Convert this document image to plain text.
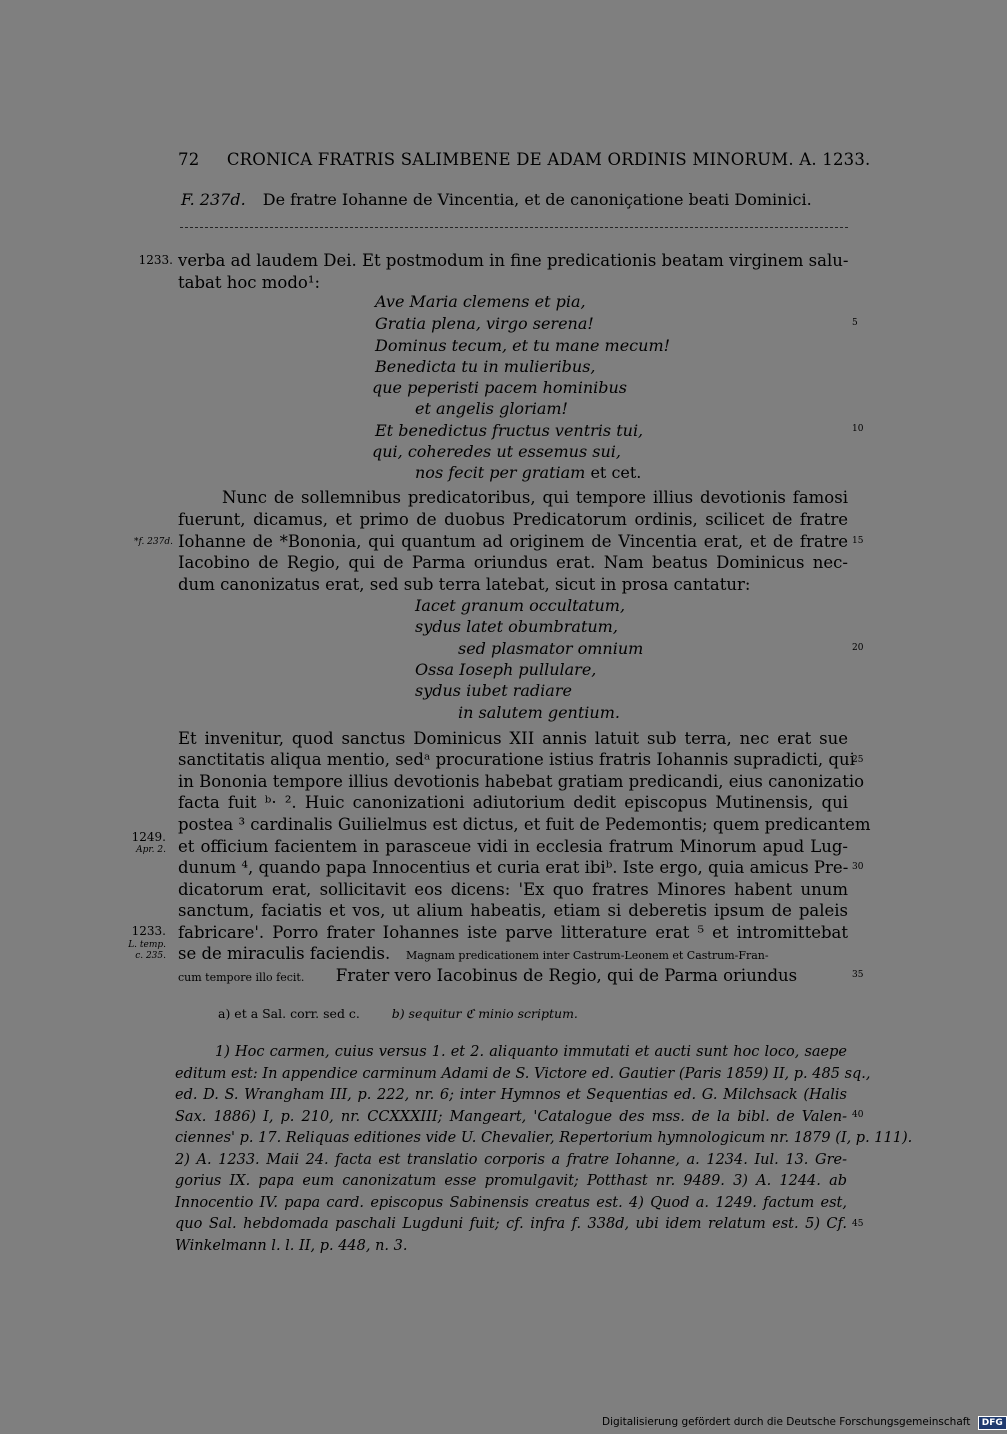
72 CRONICA FRATRIS SALIMBENE DE ADAM ORDINIS MINORUM. A. 1233.
F. 237d. De fratre Iohanne de Vincentia, et de canoniçatione beati Dominici.
verba ad laudem Dei. Et postmodum in fine predicationis beatam virginem salu-
tabat hoc modo¹:
Ave Maria clemens et pia,
Gratia plena, virgo serena!
Dominus tecum, et tu mane mecum!
Benedicta tu in mulieribus,
que peperisti pacem hominibus
et angelis gloriam!
Et benedictus fructus ventris tui,
qui, coheredes ut essemus sui,
nos fecit per gratiam et cet.
Nunc de sollemnibus predicatoribus, qui tempore illius devotionis famosi
fuerunt, dicamus, et primo de duobus Predicatorum ordinis, scilicet de fratre
Iohanne de *Bononia, qui quantum ad originem de Vincentia erat, et de fratre
Iacobino de Regio, qui de Parma oriundus erat. Nam beatus Dominicus nec-
dum canonizatus erat, sed sub terra latebat, sicut in prosa cantatur:
Iacet granum occultatum,
sydus latet obumbratum,
sed plasmator omnium
Ossa Ioseph pullulare,
sydus iubet radiare
in salutem gentium.
Et invenitur, quod sanctus Dominicus XII annis latuit sub terra, nec erat sue
sanctitatis aliqua mentio, sedᵃ procuratione istius fratris Iohannis supradicti, qui
in Bononia tempore illius devotionis habebat gratiam predicandi, eius canonizatio
facta fuit ᵇ· ². Huic canonizationi adiutorium dedit episcopus Mutinensis, qui
postea ³ cardinalis Guilielmus est dictus, et fuit de Pedemontis; quem predicantem
et officium facientem in parasceue vidi in ecclesia fratrum Minorum apud Lug-
dunum ⁴, quando papa Innocentius et curia erat ibiᵇ. Iste ergo, quia amicus Pre-
dicatorum erat, sollicitavit eos dicens: 'Ex quo fratres Minores habent unum
sanctum, faciatis et vos, ut alium habeatis, etiam si deberetis ipsum de paleis
fabricare'. Porro frater Iohannes iste parve litterature erat ⁵ et intromittebat
se de miraculis faciendis. Magnam predicationem inter Castrum-Leonem et Castrum-Fran-
cum tempore illo fecit. Frater vero Iacobinus de Regio, qui de Parma oriundus
1233.
*f. 237d.
1249.
Apr. 2.
1233.
L. temp.
c. 235.
5
10
15
20
25
30
35
40
45
a) et a Sal. corr. sed c.	b) sequitur ℭ minio scriptum.
1) Hoc carmen, cuius versus 1. et 2. aliquanto immutati et aucti sunt hoc loco, saepe
editum est: In appendice carminum Adami de S. Victore ed. Gautier (Paris 1859) II, p. 485 sq.,
ed. D. S. Wrangham III, p. 222, nr. 6; inter Hymnos et Sequentias ed. G. Milchsack (Halis
Sax. 1886) I, p. 210, nr. CCXXXIII; Mangeart, 'Catalogue des mss. de la bibl. de Valen-
ciennes' p. 17. Reliquas editiones vide U. Chevalier, Repertorium hymnologicum nr. 1879 (I, p. 111).
2) A. 1233. Maii 24. facta est translatio corporis a fratre Iohanne, a. 1234. Iul. 13. Gre-
gorius IX. papa eum canonizatum esse promulgavit; Potthast nr. 9489. 3) A. 1244. ab
Innocentio IV. papa card. episcopus Sabinensis creatus est. 4) Quod a. 1249. factum est,
quo Sal. hebdomada paschali Lugduni fuit; cf. infra f. 338d, ubi idem relatum est. 5) Cf.
Winkelmann l. l. II, p. 448, n. 3.
Digitalisierung gefördert durch die Deutsche Forschungsgemeinschaft DFG
